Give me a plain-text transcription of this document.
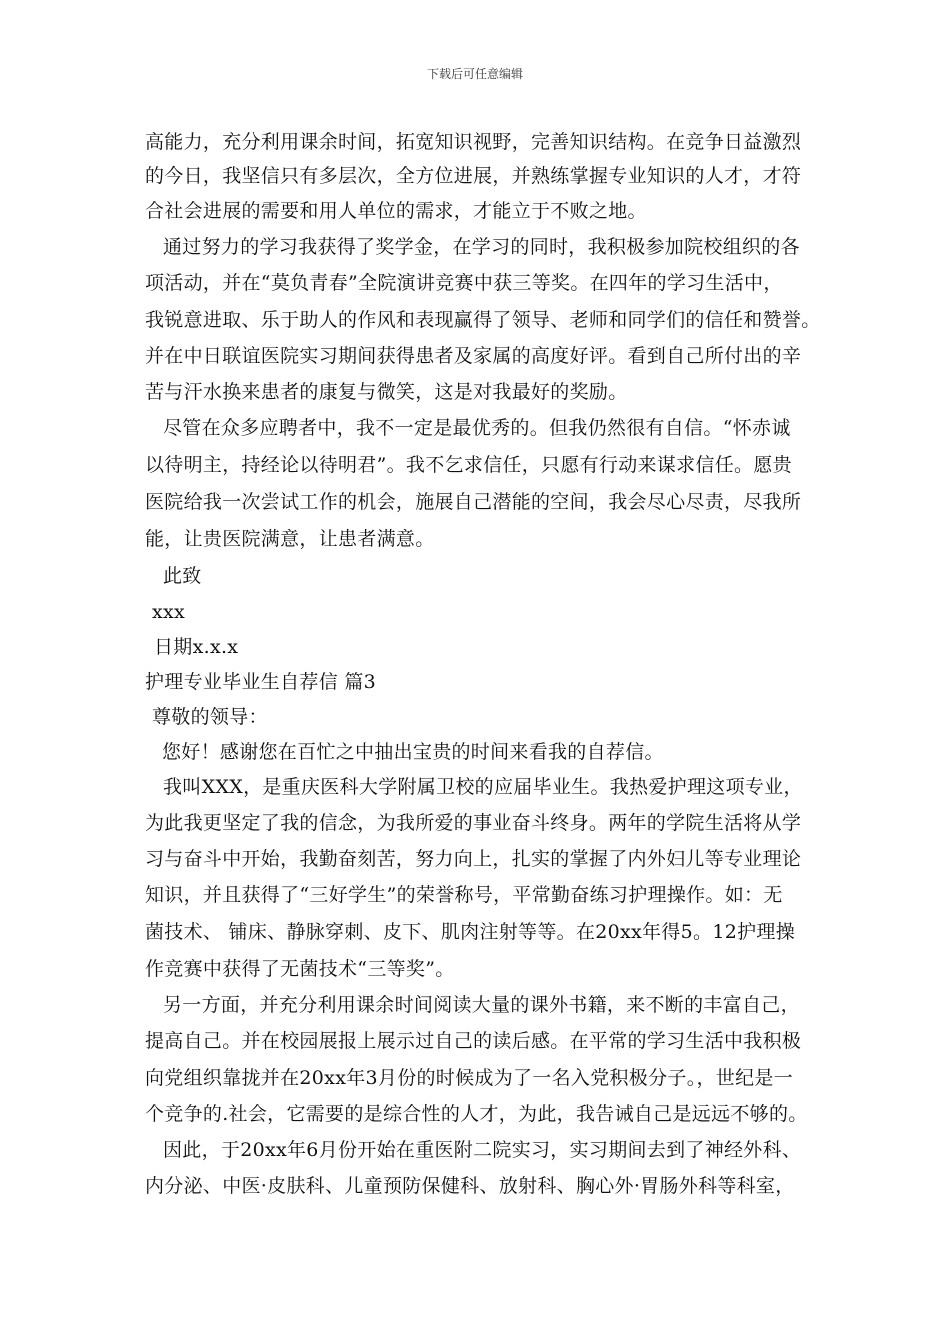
下载后可任意编辑
高能力，充分利用课余时间，拓宽知识视野，完善知识结构。在竞争日益激烈
的今日，我坚信只有多层次，全方位进展，并熟练掌握专业知识的人才，才符
合社会进展的需要和用人单位的需求，才能立于不败之地。
通过努力的学习我获得了奖学金，在学习的同时，我积极参加院校组织的各
项活动，并在“莫负青春”全院演讲竞赛中获三等奖。在四年的学习生活中，
我锐意进取、乐于助人的作风和表现赢得了领导、老师和同学们的信任和赞誉。
并在中日联谊医院实习期间获得患者及家属的高度好评。看到自己所付出的辛
苦与汗水换来患者的康复与微笑，这是对我最好的奖励。
尽管在众多应聘者中，我不一定是最优秀的。但我仍然很有自信。“怀赤诚
以待明主，持经论以待明君”。我不乞求信任，只愿有行动来谋求信任。愿贵
医院给我一次尝试工作的机会，施展自己潜能的空间，我会尽心尽责，尽我所
能，让贵医院满意，让患者满意。
此致
xxx
日期x.x.x
护理专业毕业生自荐信 篇3
尊敬的领导：
您好！感谢您在百忙之中抽出宝贵的时间来看我的自荐信。
我叫XXX，是重庆医科大学附属卫校的应届毕业生。我热爱护理这项专业，
为此我更坚定了我的信念，为我所爱的事业奋斗终身。两年的学院生活将从学
习与奋斗中开始，我勤奋刻苦，努力向上，扎实的掌握了内外妇儿等专业理论
知识，并且获得了“三好学生”的荣誉称号，平常勤奋练习护理操作。如：无
菌技术、 铺床、静脉穿刺、皮下、肌肉注射等等。在20xx年得5。12护理操
作竞赛中获得了无菌技术“三等奖”。
另一方面，并充分利用课余时间阅读大量的课外书籍，来不断的丰富自己，
提高自己。并在校园展报上展示过自己的读后感。在平常的学习生活中我积极
向党组织靠拢并在20xx年3月份的时候成为了一名入党积极分子。，世纪是一
个竞争的.社会，它需要的是综合性的人才，为此，我告诫自己是远远不够的。
因此，于20xx年6月份开始在重医附二院实习，实习期间去到了神经外科、
内分泌、中医·皮肤科、儿童预防保健科、放射科、胸心外·胃肠外科等科室，
